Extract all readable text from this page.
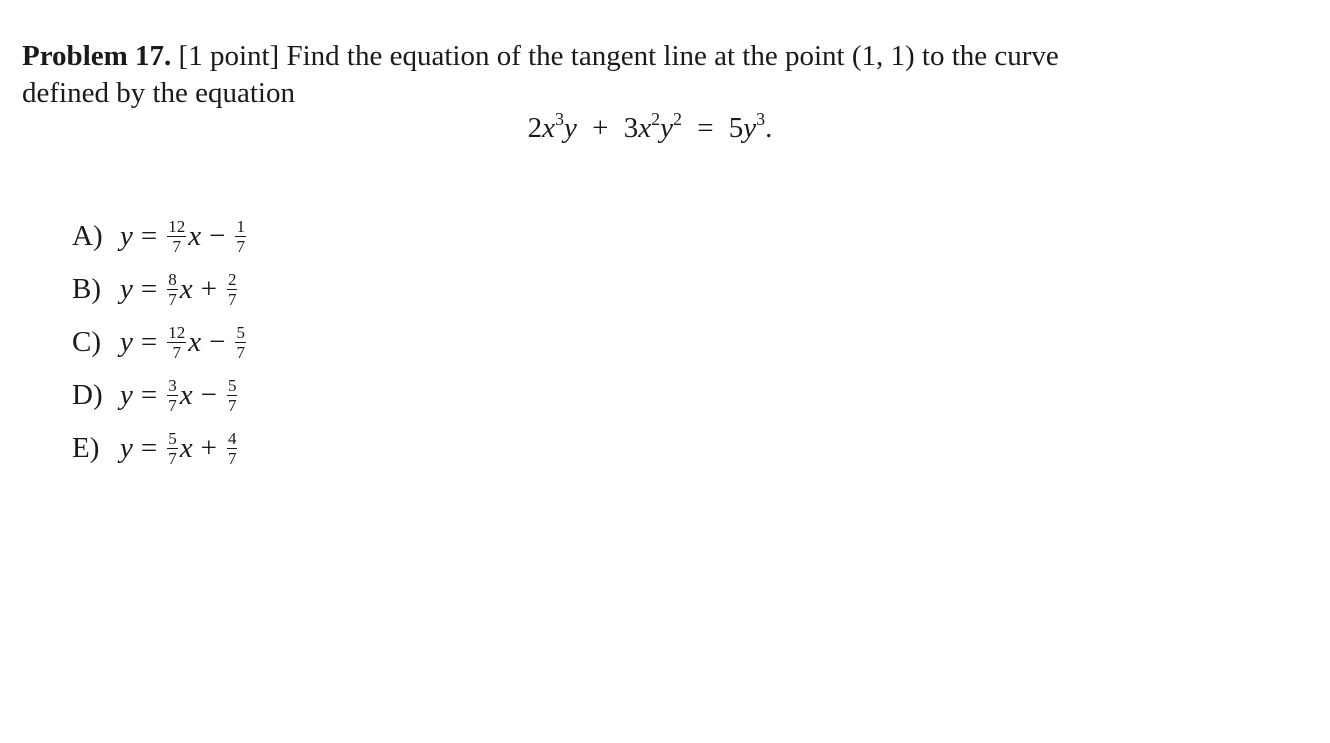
Problem 17. [1 point] Find the equation of the tangent line at the point (1, 1) to the curve
defined by the equation
$2x^3y + 3x^2y^2 = 5y^3$.
A) $y = \frac{12}{7}$ $x - \frac{1}{7}$
B) $y = \frac{8}{7}$ $x + \frac{2}{7}$
C) $y = \frac{12}{7}$ $x - \frac{5}{7}$
D) $y = \frac{3}{7}$ $x - \frac{5}{7}$
E) $y = \frac{5}{7}$ $x + \frac{4}{7}$
